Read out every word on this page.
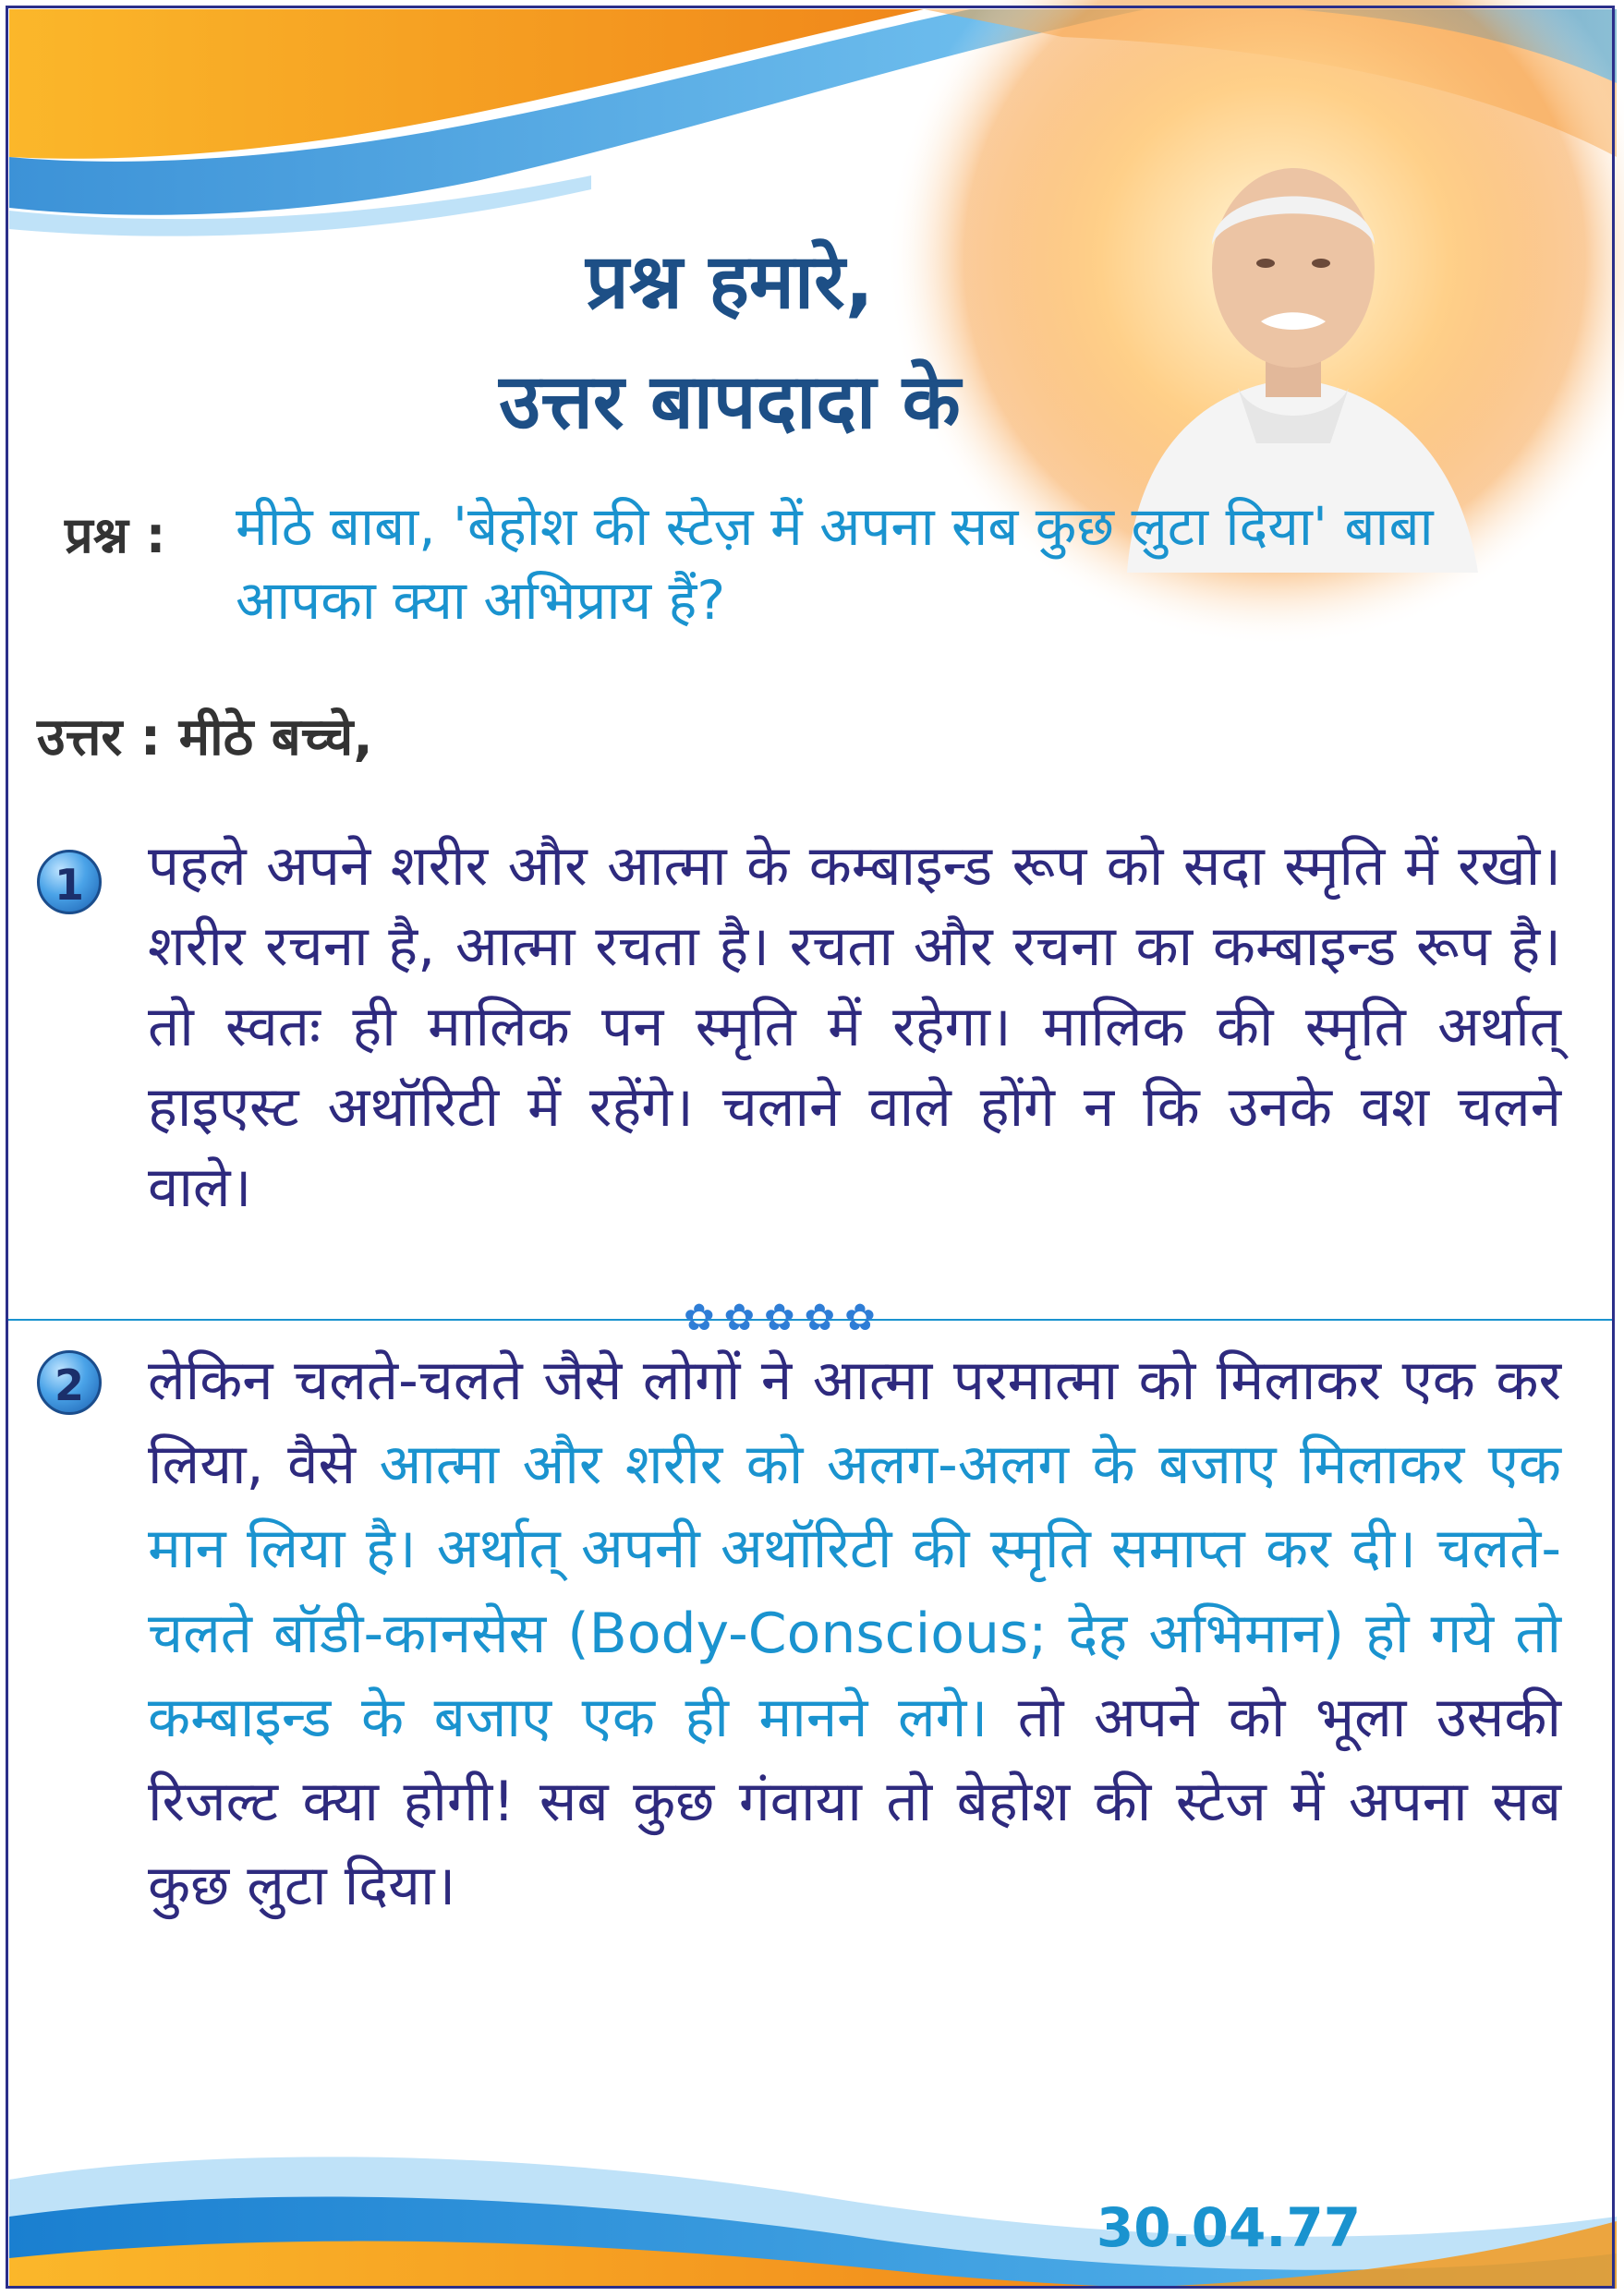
प्रश्न हमारे,
उत्तर बापदादा के
प्रश्न : मीठे बाबा, 'बेहोश की स्टेज़ में अपना सब कुछ लुटा दिया' बाबा आपका क्या अभिप्राय हैं?
उत्तर : मीठे बच्चे,
1	पहले अपने शरीर और आत्मा के कम्बाइन्ड रूप को सदा स्मृति में रखो। शरीर रचना है, आत्मा रचता है। रचता और रचना का कम्बाइन्ड रूप है। तो स्वतः ही मालिक पन स्मृति में रहेगा। मालिक की स्मृति अर्थात् हाइएस्ट अथॉरिटी में रहेंगे। चलाने वाले होंगे न कि उनके वश चलने वाले।
✿✿✿✿✿
2	लेकिन चलते-चलते जैसे लोगों ने आत्मा परमात्मा को मिलाकर एक कर लिया, वैसे आत्मा और शरीर को अलग-अलग के बजाए मिलाकर एक मान लिया है। अर्थात् अपनी अथॉरिटी की स्मृति समाप्त कर दी। चलते- चलते बॉडी-कानसेस (Body-Conscious; देह अभिमान) हो गये तो कम्बाइन्ड के बजाए एक ही मानने लगे। तो अपने को भूला उसकी रिजल्ट क्या होगी! सब कुछ गंवाया तो बेहोश की स्टेज में अपना सब कुछ लुटा दिया।
30.04.77
